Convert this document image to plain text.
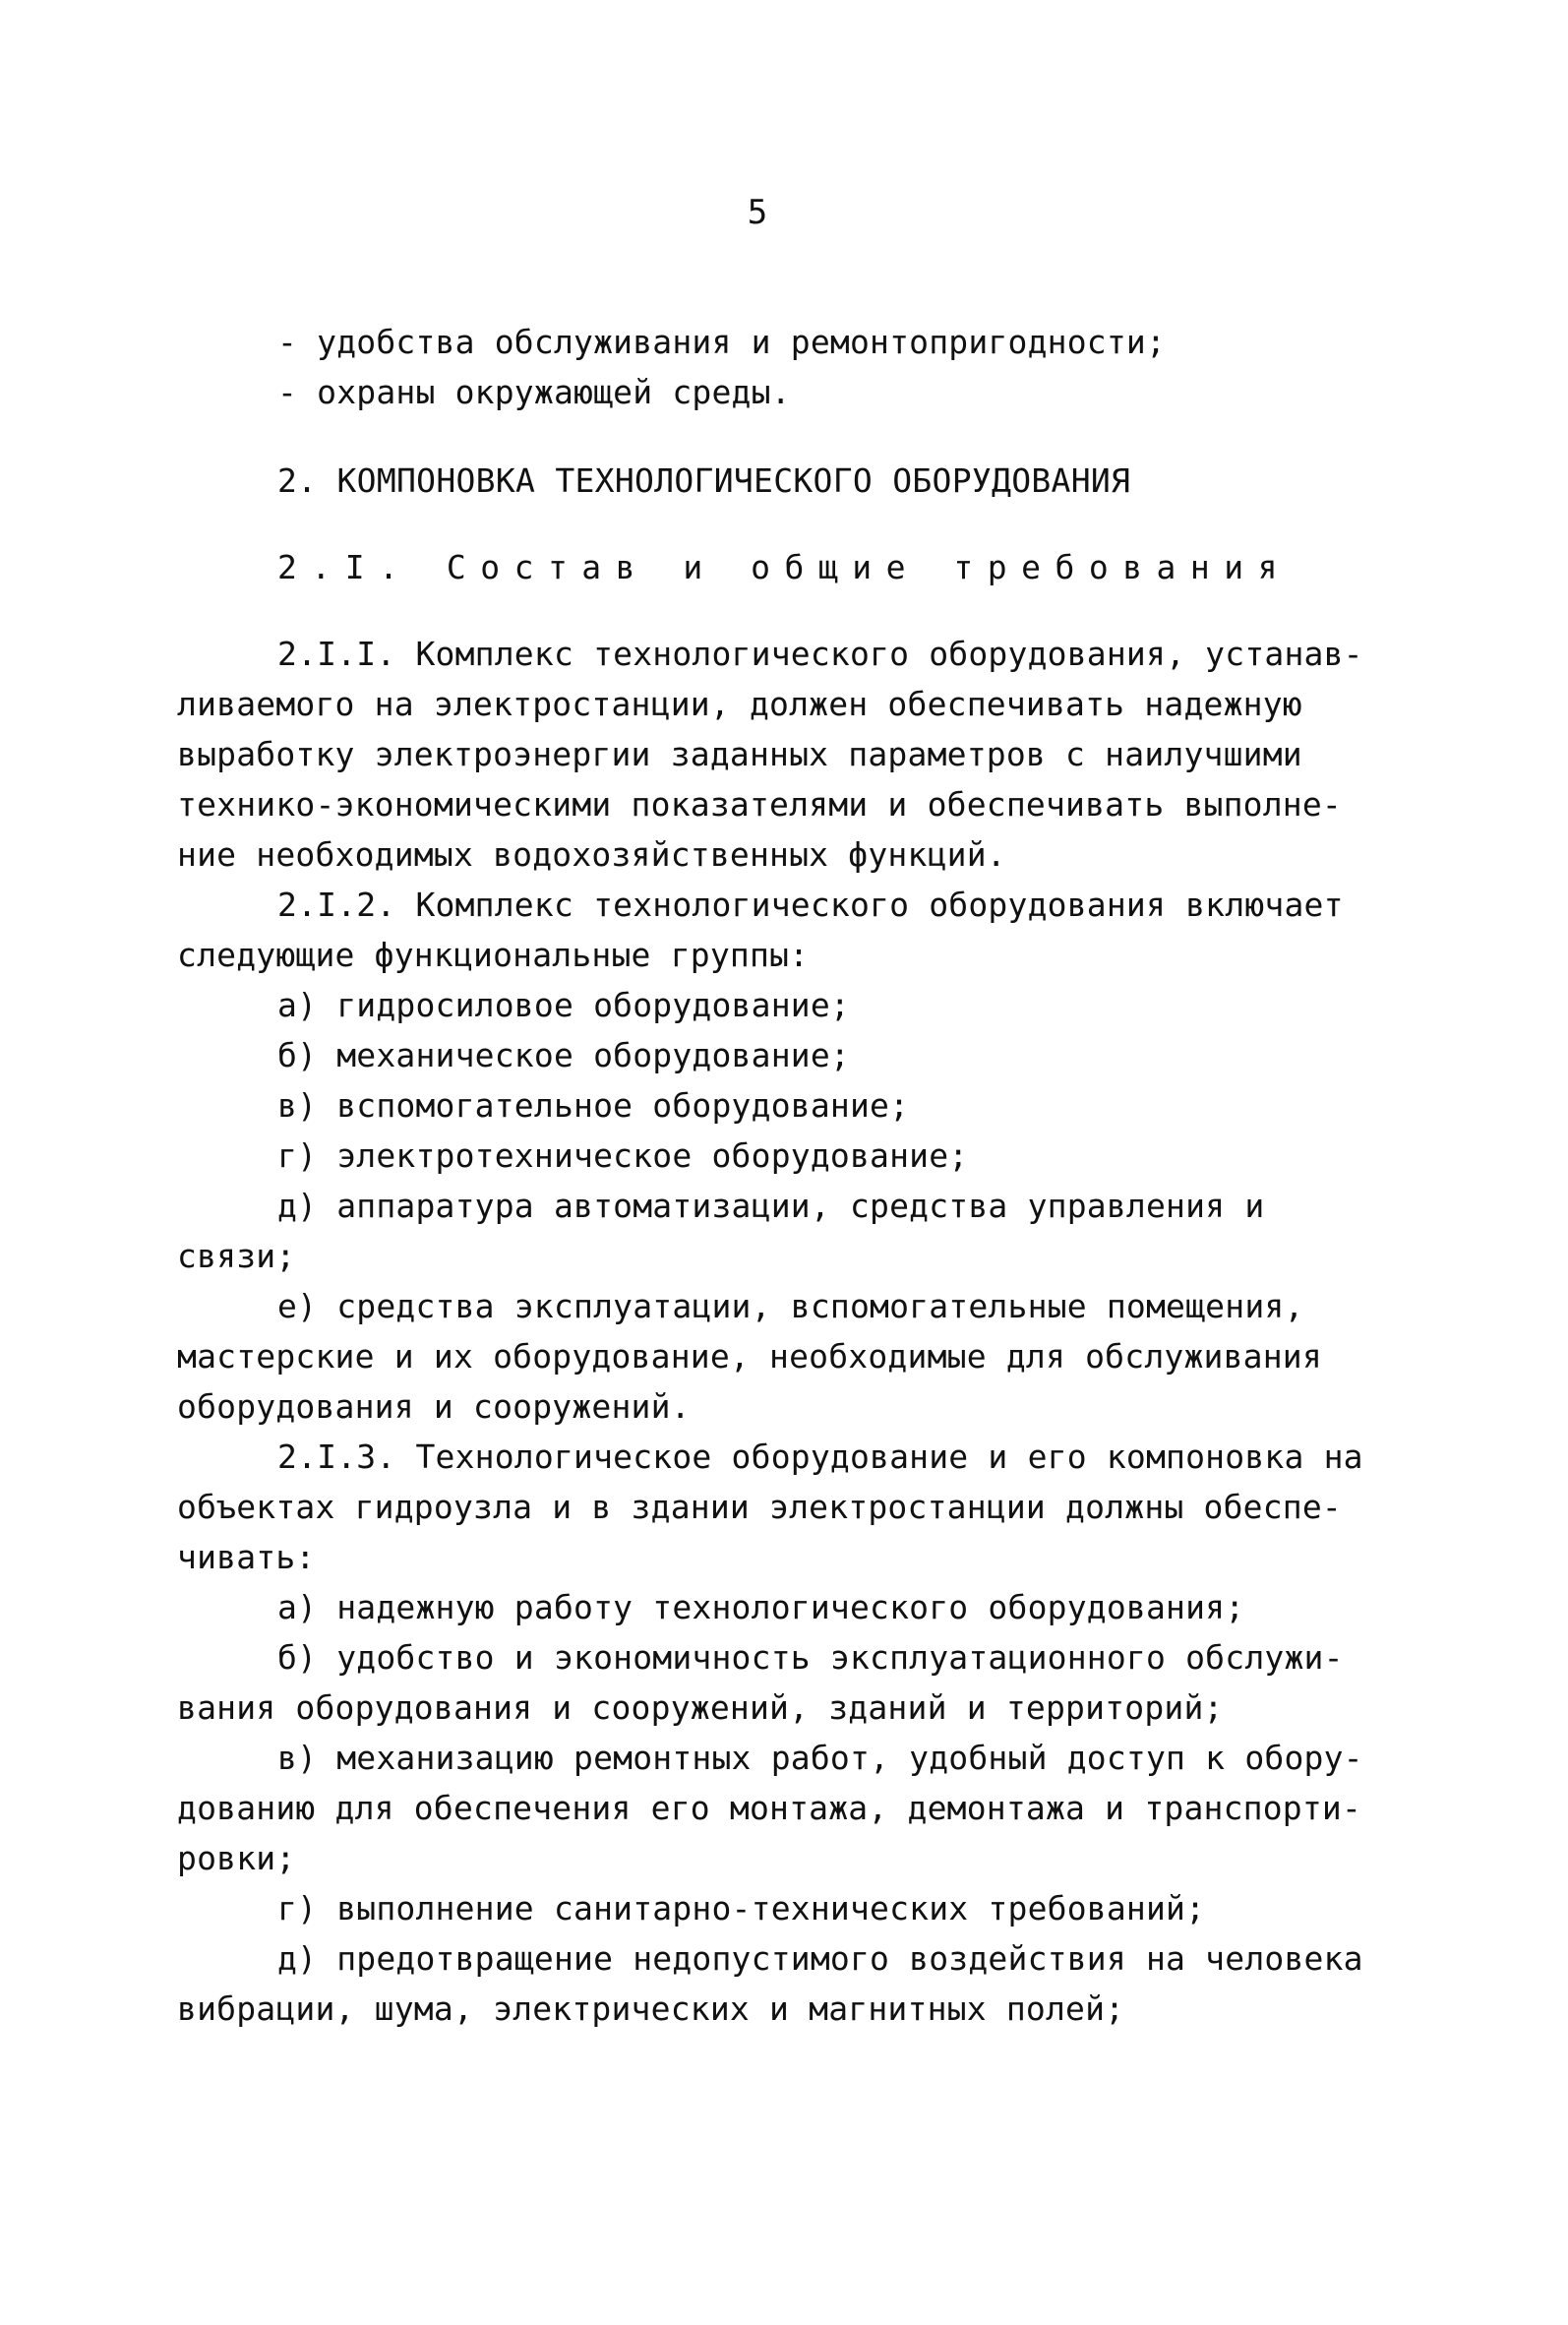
5
- удобства обслуживания и ремонтопригодности;
- охраны окружающей среды.
2. КОМПОНОВКА ТЕХНОЛОГИЧЕСКОГО ОБОРУДОВАНИЯ
2.I. Состав и общие требования
2.I.I. Комплекс технологического оборудования, устанав-
ливаемого на электростанции, должен обеспечивать надежную
выработку электроэнергии заданных параметров с наилучшими
технико-экономическими показателями и обеспечивать выполне-
ние необходимых водохозяйственных функций.
2.I.2. Комплекс технологического оборудования включает
следующие функциональные группы:
а) гидросиловое оборудование;
б) механическое оборудование;
в) вспомогательное оборудование;
г) электротехническое оборудование;
д) аппаратура автоматизации, средства управления и
связи;
е) средства эксплуатации, вспомогательные помещения,
мастерские и их оборудование, необходимые для обслуживания
оборудования и сооружений.
2.I.3. Технологическое оборудование и его компоновка на
объектах гидроузла и в здании электростанции должны обеспе-
чивать:
а) надежную работу технологического оборудования;
б) удобство и экономичность эксплуатационного обслужи-
вания оборудования и сооружений, зданий и территорий;
в) механизацию ремонтных работ, удобный доступ к обору-
дованию для обеспечения его монтажа, демонтажа и транспорти-
ровки;
г) выполнение санитарно-технических требований;
д) предотвращение недопустимого воздействия на человека
вибрации, шума, электрических и магнитных полей;
